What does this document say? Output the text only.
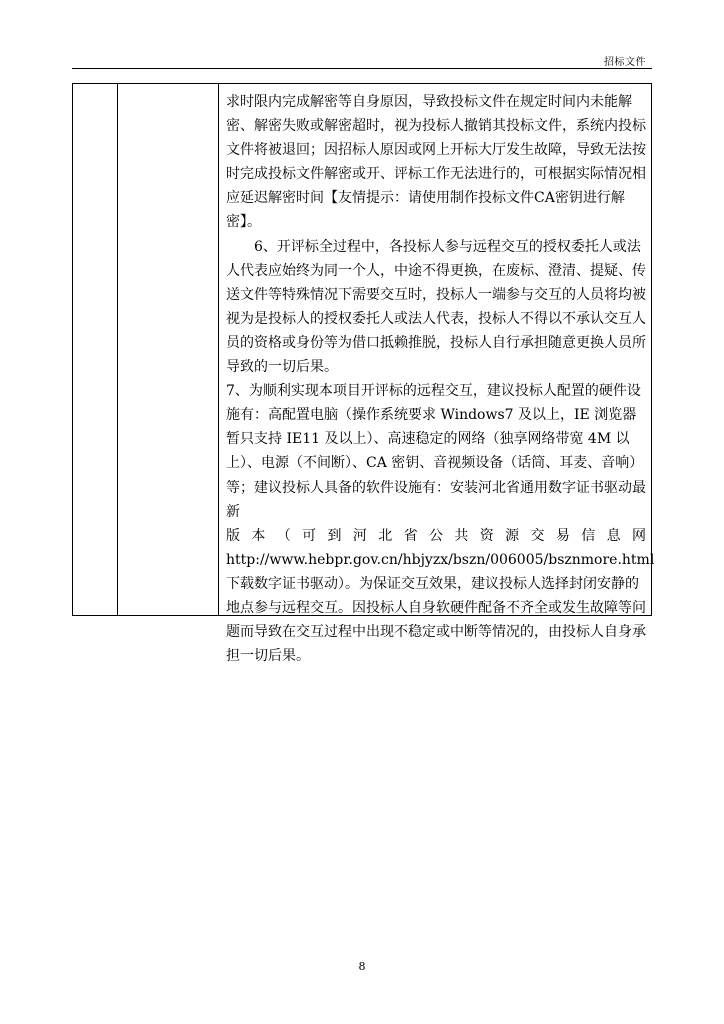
招标文件

求时限内完成解密等自身原因，导致投标文件在规定时间内未能解密、解密失败或解密超时，视为投标人撤销其投标文件，系统内投标文件将被退回；因招标人原因或网上开标大厅发生故障，导致无法按时完成投标文件解密或开、评标工作无法进行的，可根据实际情况相应延迟解密时间【友情提示：请使用制作投标文件CA密钥进行解密】。

6、开评标全过程中，各投标人参与远程交互的授权委托人或法人代表应始终为同一个人，中途不得更换，在废标、澄清、提疑、传送文件等特殊情况下需要交互时，投标人一端参与交互的人员将均被视为是投标人的授权委托人或法人代表，投标人不得以不承认交互人员的资格或身份等为借口抵赖推脱，投标人自行承担随意更换人员所导致的一切后果。

7、为顺利实现本项目开评标的远程交互，建议投标人配置的硬件设施有：高配置电脑（操作系统要求 Windows7 及以上，IE 浏览器暂只支持 IE11 及以上）、高速稳定的网络（独享网络带宽 4M 以上）、电源（不间断）、CA 密钥、音视频设备（话筒、耳麦、音响）等；建议投标人具备的软件设施有：安装河北省通用数字证书驱动最新

版 本 （ 可 到 河 北 省 公 共 资 源 交 易 信 息 网

http://www.hebpr.gov.cn/hbjyzx/bszn/006005/bsznmore.html 下载数字证书驱动）。为保证交互效果，建议投标人选择封闭安静的地点参与远程交互。因投标人自身软硬件配备不齐全或发生故障等问题而导致在交互过程中出现不稳定或中断等情况的，由投标人自身承担一切后果。

8
